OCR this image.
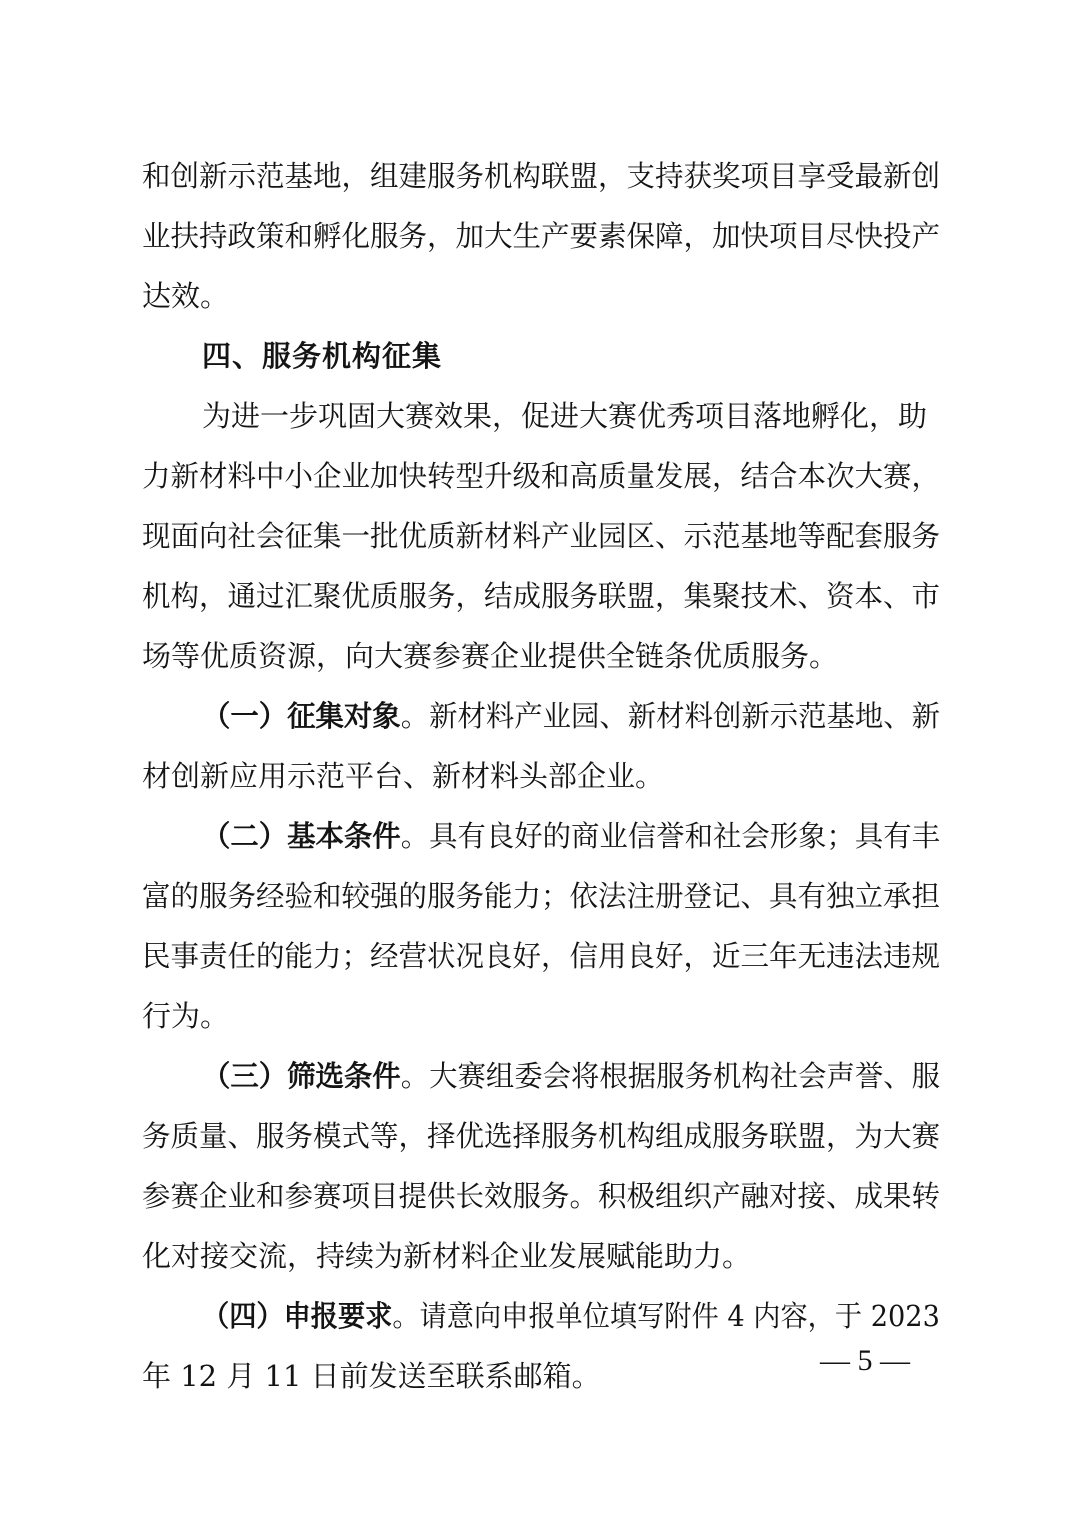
和创新示范基地，组建服务机构联盟，支持获奖项目享受最新创
业扶持政策和孵化服务，加大生产要素保障，加快项目尽快投产
达效。
四、服务机构征集
为进一步巩固大赛效果，促进大赛优秀项目落地孵化，助
力新材料中小企业加快转型升级和高质量发展，结合本次大赛，
现面向社会征集一批优质新材料产业园区、示范基地等配套服务
机构，通过汇聚优质服务，结成服务联盟，集聚技术、资本、市
场等优质资源，向大赛参赛企业提供全链条优质服务。
（一）征集对象。新材料产业园、新材料创新示范基地、新
材创新应用示范平台、新材料头部企业。
（二）基本条件。具有良好的商业信誉和社会形象；具有丰
富的服务经验和较强的服务能力；依法注册登记、具有独立承担
民事责任的能力；经营状况良好，信用良好，近三年无违法违规
行为。
（三）筛选条件。大赛组委会将根据服务机构社会声誉、服
务质量、服务模式等，择优选择服务机构组成服务联盟，为大赛
参赛企业和参赛项目提供长效服务。积极组织产融对接、成果转
化对接交流，持续为新材料企业发展赋能助力。
（四）申报要求。请意向申报单位填写附件 4 内容，于 2023
年 12 月 11 日前发送至联系邮箱。	— 5 —
